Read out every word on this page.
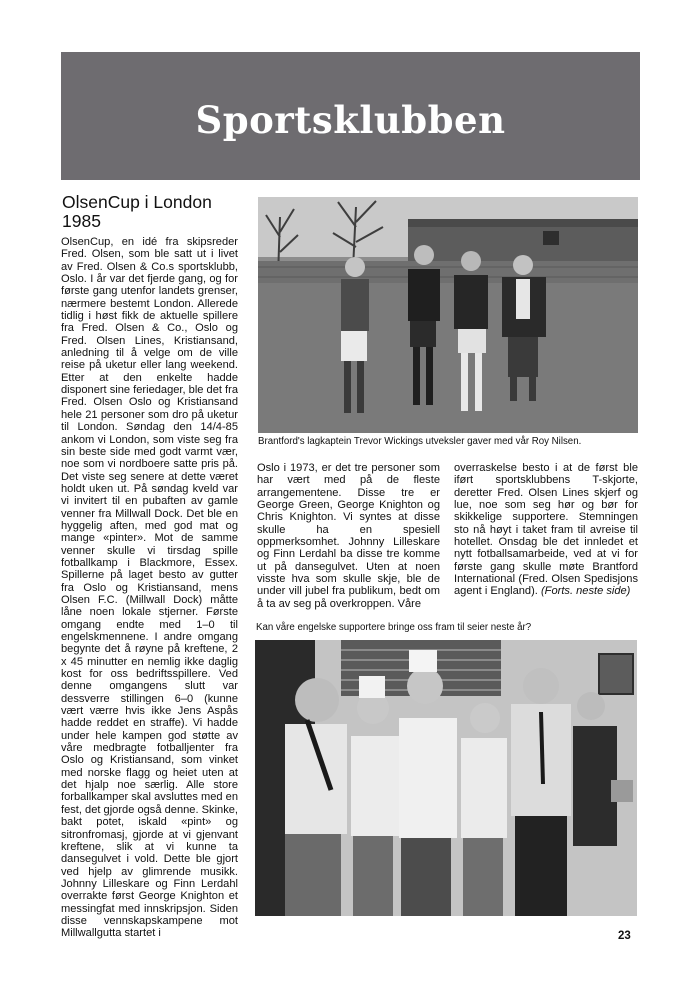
Sportsklubben
OlsenCup i London 1985

OlsenCup, en idé fra skipsreder Fred. Olsen, som ble satt ut i livet av Fred. Olsen & Co.s sportsklubb, Oslo. I år var det fjerde gang, og for første gang utenfor landets grenser, nærmere bestemt London. Allerede tidlig i høst fikk de aktuelle spillere fra Fred. Olsen & Co., Oslo og Fred. Olsen Lines, Kristiansand, anledning til å velge om de ville reise på uketur eller lang weekend. Etter at den enkelte hadde disponert sine feriedager, ble det fra Fred. Olsen Oslo og Kristiansand hele 21 personer som dro på uketur til London. Søndag den 14/4-85 ankom vi London, som viste seg fra sin beste side med godt varmt vær, noe som vi nordboere satte pris på. Det viste seg senere at dette været holdt uken ut. På søndag kveld var vi invitert til en pubaften av gamle venner fra Millwall Dock. Det ble en hyggelig aften, med god mat og mange «pinter». Mot de samme venner skulle vi tirsdag spille fotballkamp i Blackmore, Essex. Spillerne på laget besto av gutter fra Oslo og Kristiansand, mens Olsen F.C. (Millwall Dock) måtte låne noen lokale stjerner. Første omgang endte med 1–0 til engelskmennene. I andre omgang begynte det å røyne på kreftene, 2 x 45 minutter en nemlig ikke daglig kost for oss bedriftsspillere. Ved denne omgangens slutt var dessverre stillingen 6–0 (kunne vært værre hvis ikke Jens Aspås hadde reddet en straffe). Vi hadde under hele kampen god støtte av våre medbragte fotballjenter fra Oslo og Kristiansand, som vinket med norske flagg og heiet uten at det hjalp noe særlig. Alle store forballkamper skal avsluttes med en fest, det gjorde også denne. Skinke, bakt potet, iskald «pint» og sitronfromasj, gjorde at vi gjenvant kreftene, slik at vi kunne ta dansegulvet i vold. Dette ble gjort ved hjelp av glimrende musikk. Johnny Lilleskare og Finn Lerdahl overrakte først George Knighton et messingfat med innskripsjon. Siden disse vennskapskampene mot Millwallgutta startet i

Brantford's lagkaptein Trevor Wickings utveksler gaver med vår Roy Nilsen.

Oslo i 1973, er det tre personer som har vært med på de fleste arrangementene. Disse tre er George Green, George Knighton og Chris Knighton. Vi syntes at disse skulle ha en spesiell oppmerksomhet. Johnny Lilleskare og Finn Lerdahl ba disse tre komme ut på dansegulvet. Uten at noen visste hva som skulle skje, ble de under vill jubel fra publikum, bedt om å ta av seg på overkroppen. Våre

overraskelse besto i at de først ble iført sportsklubbens T-skjorte, deretter Fred. Olsen Lines skjerf og lue, noe som seg hør og bør for skikkelige supportere. Stemningen sto nå høyt i taket fram til avreise til hotellet. Onsdag ble det innledet et nytt fotballsamarbeide, ved at vi for første gang skulle møte Brantford International (Fred. Olsen Spedisjons agent i England). (Forts. neste side)

Kan våre engelske supportere bringe oss fram til seier neste år?
23
